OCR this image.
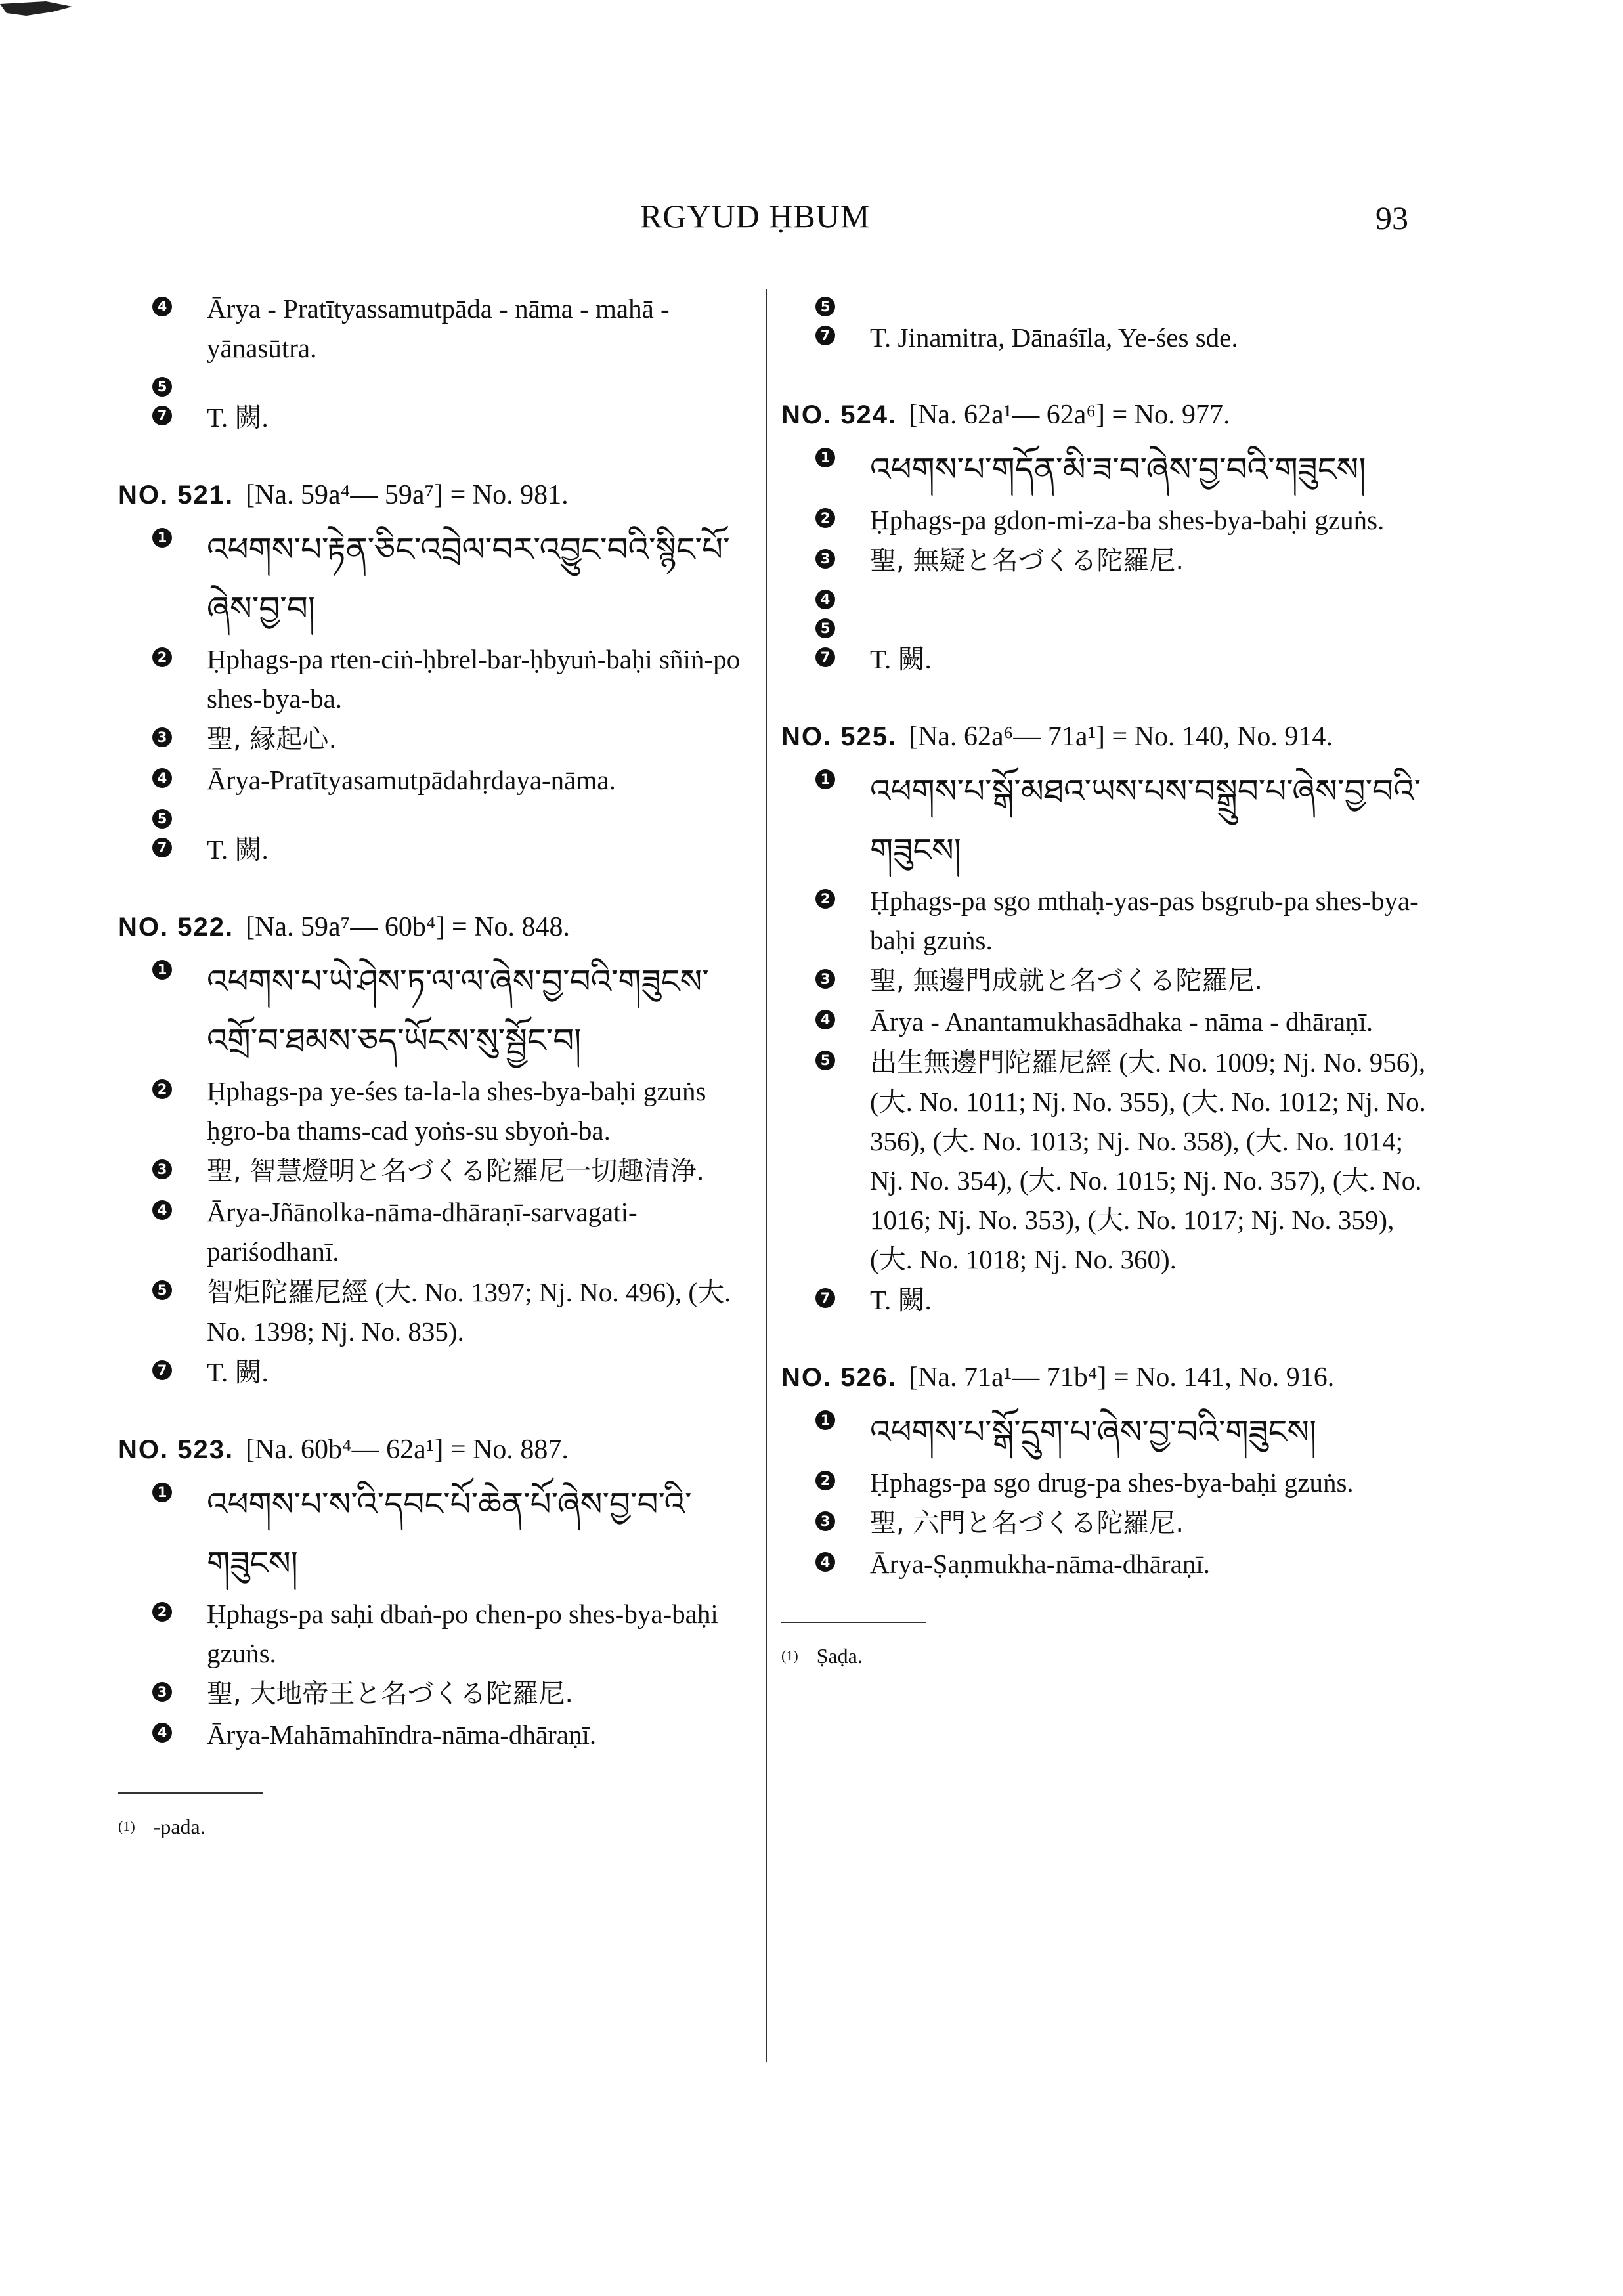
RGYUD ḤBUM	93
4 Ārya - Pratītyassamutpāda - nāma - mahā - yānasūtra.
5
7 T. 闕.
NO. 521. [Na. 59a⁴— 59a⁷] = No. 981.
1 འཕགས་པ་རྟེན་ཅིང་འབྲེལ་བར་འབྱུང་བའི་སྙིང་པོ་ཞེས་བྱ་བ།
2 Ḥphags-pa rten-ciṅ-ḥbrel-bar-ḥbyuṅ-baḥi sñiṅ-po shes-bya-ba.
3 聖, 縁起心.
4 Ārya-Pratītyasamutpādahṛdaya-nāma.
5
7 T. 闕.
NO. 522. [Na. 59a⁷— 60b⁴] = No. 848.
1 འཕགས་པ་ཡེ་ཤེས་ཏ་ལ་ལ་ཞེས་བྱ་བའི་གཟུངས་འགྲོ་བ་ཐམས་ཅད་ཡོངས་སུ་སྦྱོང་བ།
2 Ḥphags-pa ye-śes ta-la-la shes-bya-baḥi gzuṅs ḥgro-ba thams-cad yoṅs-su sbyoṅ-ba.
3 聖, 智慧燈明と名づくる陀羅尼一切趣清浄.
4 Ārya-Jñānolka-nāma-dhāraṇī-sarvagati-pariśodhanī.
5 智炬陀羅尼經 (大. No. 1397; Nj. No. 496), (大. No. 1398; Nj. No. 835).
7 T. 闕.
NO. 523. [Na. 60b⁴— 62a¹] = No. 887.
1 འཕགས་པ་ས་འི་དབང་པོ་ཆེན་པོ་ཞེས་བྱ་བ་འི་གཟུངས།
2 Ḥphags-pa saḥi dbaṅ-po chen-po shes-bya-baḥi gzuṅs.
3 聖, 大地帝王と名づくる陀羅尼.
4 Ārya-Mahāmahīndra-nāma-dhāraṇī.
(1) -pada.
5
7 T. Jinamitra, Dānaśīla, Ye-śes sde.
NO. 524. [Na. 62a¹— 62a⁶] = No. 977.
1 འཕགས་པ་གདོན་མི་ཟ་བ་ཞེས་བྱ་བའི་གཟུངས།
2 Ḥphags-pa gdon-mi-za-ba shes-bya-baḥi gzuṅs.
3 聖, 無疑と名づくる陀羅尼.
4
5
7 T. 闕.
NO. 525. [Na. 62a⁶— 71a¹] = No. 140, No. 914.
1 འཕགས་པ་སྒོ་མཐའ་ཡས་པས་བསྒྲུབ་པ་ཞེས་བྱ་བའི་གཟུངས།
2 Ḥphags-pa sgo mthaḥ-yas-pas bsgrub-pa shes-bya-baḥi gzuṅs.
3 聖, 無邊門成就と名づくる陀羅尼.
4 Ārya - Anantamukhasādhaka - nāma - dhāraṇī.
5 出生無邊門陀羅尼經 (大. No. 1009; Nj. No. 956), (大. No. 1011; Nj. No. 355), (大. No. 1012; Nj. No. 356), (大. No. 1013; Nj. No. 358), (大. No. 1014; Nj. No. 354), (大. No. 1015; Nj. No. 357), (大. No. 1016; Nj. No. 353), (大. No. 1017; Nj. No. 359), (大. No. 1018; Nj. No. 360).
7 T. 闕.
NO. 526. [Na. 71a¹— 71b⁴] = No. 141, No. 916.
1 འཕགས་པ་སྒོ་དྲུག་པ་ཞེས་བྱ་བའི་གཟུངས།
2 Ḥphags-pa sgo drug-pa shes-bya-baḥi gzuṅs.
3 聖, 六門と名づくる陀羅尼.
4 Ārya-Ṣaṇmukha-nāma-dhāraṇī.
(1) Ṣaḍa.
